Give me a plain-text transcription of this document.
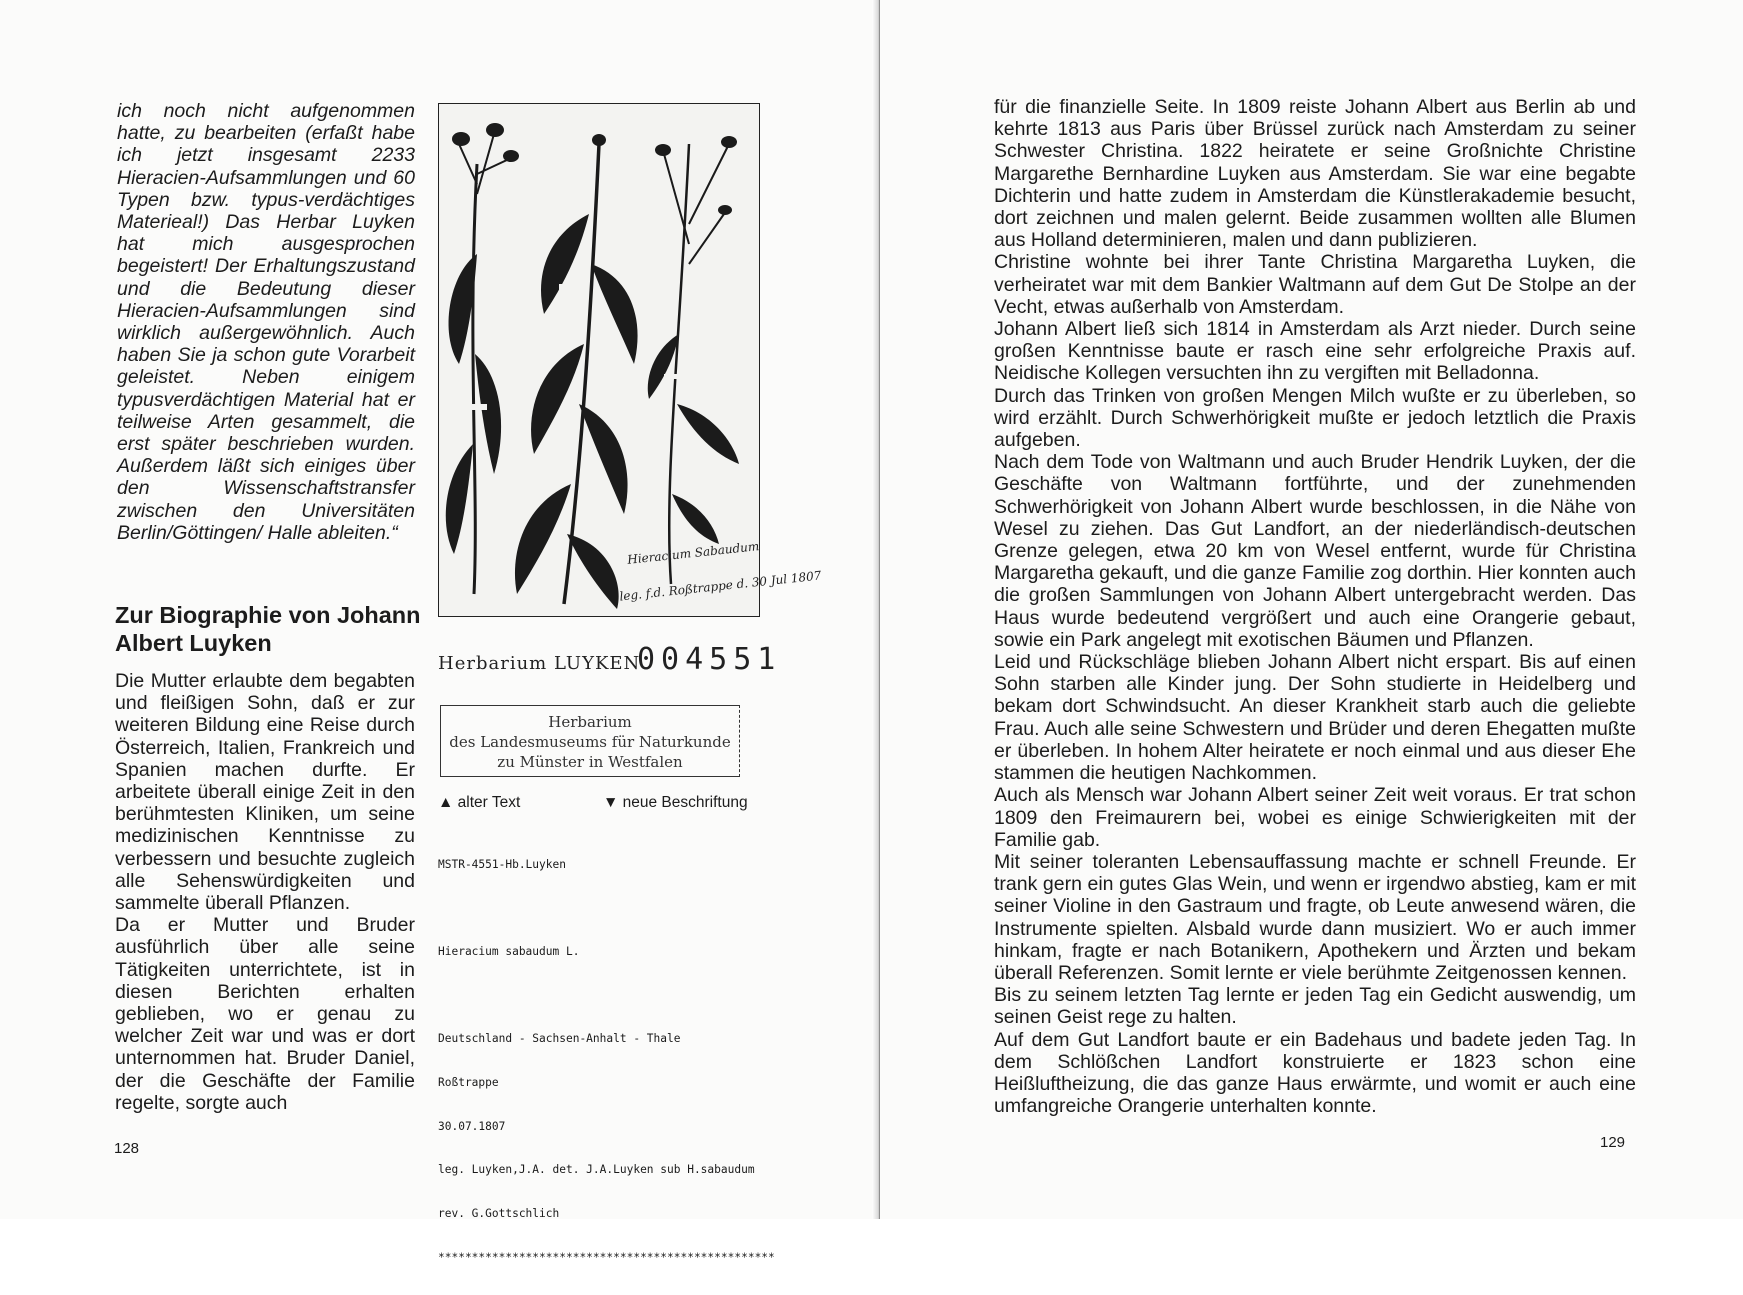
ich noch nicht aufgenommen hatte, zu bearbeiten (erfaßt habe ich jetzt insgesamt 2233 Hieracien-Aufsammlungen und 60 Typen bzw. typus-verdächtiges Materieal!) Das Herbar Luyken hat mich ausgesprochen begeistert! Der Erhaltungszustand und die Bedeutung dieser Hieracien-Aufsammlungen sind wirklich außergewöhnlich. Auch haben Sie ja schon gute Vorarbeit geleistet. Neben einigem typusverdächtigen Material hat er teilweise Arten gesammelt, die erst später beschrieben wurden. Außerdem läßt sich einiges über den Wissenschaftstransfer zwischen den Universitäten Berlin/Göttingen/ Halle ableiten.“

Zur Biographie von Johann Albert Luyken

Die Mutter erlaubte dem begabten und fleißigen Sohn, daß er zur weiteren Bildung eine Reise durch Österreich, Italien, Frankreich und Spanien machen durfte. Er arbeitete überall einige Zeit in den berühmtesten Kliniken, um seine medizinischen Kenntnisse zu verbessern und besuchte zugleich alle Sehenswürdigkeiten und sammelte überall Pflanzen.

Da er Mutter und Bruder ausführlich über alle seine Tätigkeiten unterrichtete, ist in diesen Berichten erhalten geblieben, wo er genau zu welcher Zeit war und was er dort unternommen hat. Bruder Daniel, der die Geschäfte der Familie regelte, sorgte auch

Hieracium Sabaudum
leg. f.d. Roßtrappe d. 30 Jul 1807
Herbarium LUYKEN
004551
Herbarium
des Landesmuseums für Naturkunde
zu Münster in Westfalen
▲ alter Text	▼ neue Beschriftung

MSTR-4551-Hb.Luyken

Hieracium sabaudum L.

Deutschland - Sachsen-Anhalt - Thale

Roßtrappe

30.07.1807

leg. Luyken,J.A. det. J.A.Luyken sub H.sabaudum

rev. G.Gottschlich

**************************************************

128

für die finanzielle Seite. In 1809 reiste Johann Albert aus Berlin ab und kehrte 1813 aus Paris über Brüssel zurück nach Amsterdam zu seiner Schwester Christina. 1822 heiratete er seine Großnichte Christine Margarethe Bernhardine Luyken aus Amsterdam. Sie war eine begabte Dichterin und hatte zudem in Amsterdam die Künstlerakademie besucht, dort zeichnen und malen gelernt. Beide zusammen wollten alle Blumen aus Holland determinieren, malen und dann publizieren.

Christine wohnte bei ihrer Tante Christina Margaretha Luyken, die verheiratet war mit dem Bankier Waltmann auf dem Gut De Stolpe an der Vecht, etwas außerhalb von Amsterdam.

Johann Albert ließ sich 1814 in Amsterdam als Arzt nieder. Durch seine großen Kenntnisse baute er rasch eine sehr erfolgreiche Praxis auf. Neidische Kollegen versuchten ihn zu vergiften mit Belladonna.

Durch das Trinken von großen Mengen Milch wußte er zu überleben, so wird erzählt. Durch Schwerhörigkeit mußte er jedoch letztlich die Praxis aufgeben.

Nach dem Tode von Waltmann und auch Bruder Hendrik Luyken, der die Geschäfte von Waltmann fortführte, und der zunehmenden Schwerhörigkeit von Johann Albert wurde beschlossen, in die Nähe von Wesel zu ziehen. Das Gut Landfort, an der niederländisch-deutschen Grenze gelegen, etwa 20 km von Wesel entfernt, wurde für Christina Margaretha gekauft, und die ganze Familie zog dorthin. Hier konnten auch die großen Sammlungen von Johann Albert untergebracht werden. Das Haus wurde bedeutend vergrößert und auch eine Orangerie gebaut, sowie ein Park angelegt mit exotischen Bäumen und Pflanzen.

Leid und Rückschläge blieben Johann Albert nicht erspart. Bis auf einen Sohn starben alle Kinder jung. Der Sohn studierte in Heidelberg und bekam dort Schwindsucht. An dieser Krankheit starb auch die geliebte Frau. Auch alle seine Schwestern und Brüder und deren Ehegatten mußte er überleben. In hohem Alter heiratete er noch einmal und aus dieser Ehe stammen die heutigen Nachkommen.

Auch als Mensch war Johann Albert seiner Zeit weit voraus. Er trat schon 1809 den Freimaurern bei, wobei es einige Schwierigkeiten mit der Familie gab.

Mit seiner toleranten Lebensauffassung machte er schnell Freunde. Er trank gern ein gutes Glas Wein, und wenn er irgendwo abstieg, kam er mit seiner Violine in den Gastraum und fragte, ob Leute anwesend wären, die Instrumente spielten. Alsbald wurde dann musiziert. Wo er auch immer hinkam, fragte er nach Botanikern, Apothekern und Ärzten und bekam überall Referenzen. Somit lernte er viele berühmte Zeitgenossen kennen.

Bis zu seinem letzten Tag lernte er jeden Tag ein Gedicht auswendig, um seinen Geist rege zu halten.

Auf dem Gut Landfort baute er ein Badehaus und badete jeden Tag. In dem Schlößchen Landfort konstruierte er 1823 schon eine Heißluftheizung, die das ganze Haus erwärmte, und womit er auch eine umfangreiche Orangerie unterhalten konnte.

129
